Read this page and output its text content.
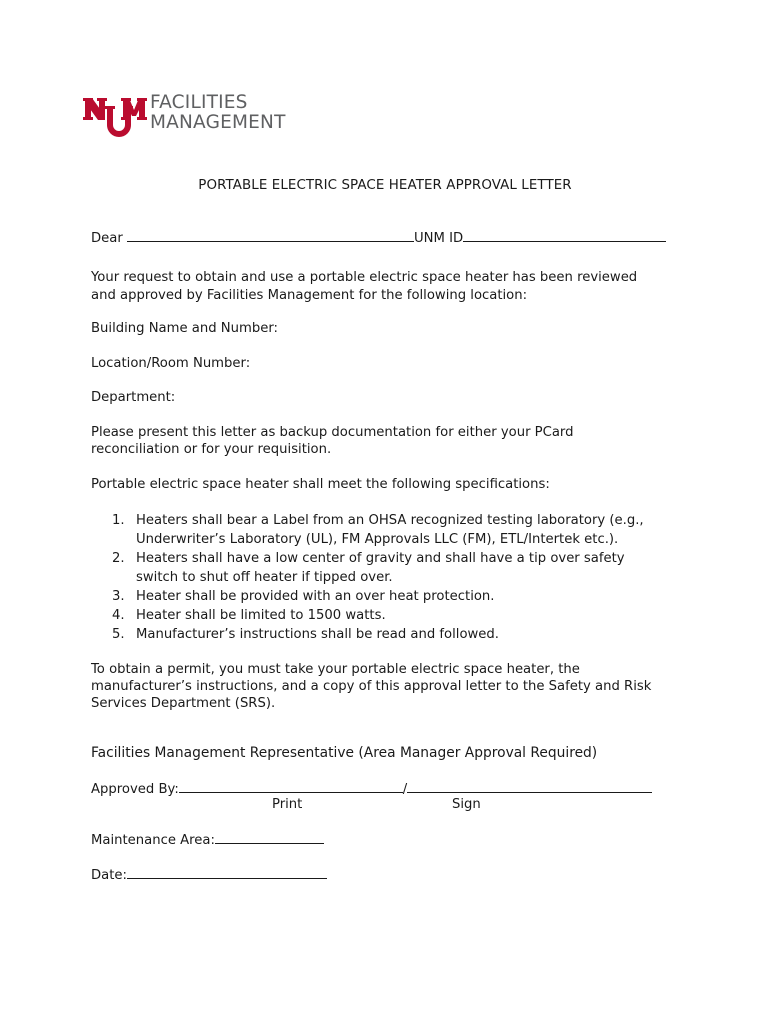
FACILITIES
MANAGEMENT
PORTABLE ELECTRIC SPACE HEATER APPROVAL LETTER
Dear	UNM ID
Your request to obtain and use a portable electric space heater has been reviewed
and approved by Facilities Management for the following location:
Building Name and Number:
Location/Room Number:
Department:
Please present this letter as backup documentation for either your PCard
reconciliation or for your requisition.
Portable electric space heater shall meet the following specifications:
1. Heaters shall bear a Label from an OHSA recognized testing laboratory (e.g.,
Underwriter’s Laboratory (UL), FM Approvals LLC (FM), ETL/Intertek etc.).
2. Heaters shall have a low center of gravity and shall have a tip over safety
switch to shut off heater if tipped over.
3. Heater shall be provided with an over heat protection.
4. Heater shall be limited to 1500 watts.
5. Manufacturer’s instructions shall be read and followed.
To obtain a permit, you must take your portable electric space heater, the
manufacturer’s instructions, and a copy of this approval letter to the Safety and Risk
Services Department (SRS).
Facilities Management Representative (Area Manager Approval Required)
Approved By:	/
Print	Sign
Maintenance Area:
Date:
